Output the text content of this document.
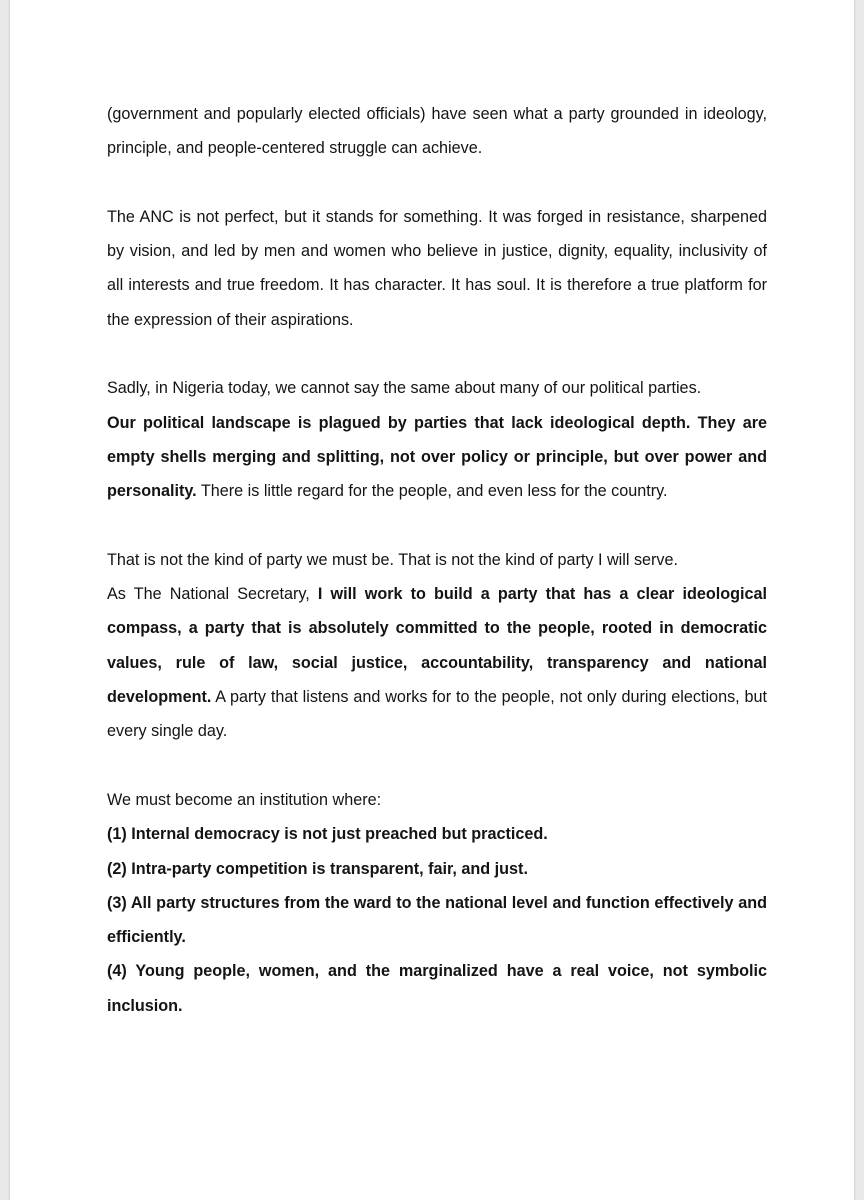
(government and popularly elected officials) have seen what a party grounded in ideology, principle, and people-centered struggle can achieve.

The ANC is not perfect, but it stands for something. It was forged in resistance, sharpened by vision, and led by men and women who believe in justice, dignity, equality, inclusivity of all interests and true freedom. It has character. It has soul. It is therefore a true platform for the expression of their aspirations.

Sadly, in Nigeria today, we cannot say the same about many of our political parties.
Our political landscape is plagued by parties that lack ideological depth. They are empty shells merging and splitting, not over policy or principle, but over power and personality. There is little regard for the people, and even less for the country.
That is not the kind of party we must be. That is not the kind of party I will serve.
As The National Secretary, I will work to build a party that has a clear ideological compass, a party that is absolutely committed to the people, rooted in democratic values, rule of law, social justice, accountability, transparency and national development. A party that listens and works for to the people, not only during elections, but every single day.
We must become an institution where:
(1) Internal democracy is not just preached but practiced.
(2) Intra-party competition is transparent, fair, and just.
(3) All party structures from the ward to the national level and function effectively and efficiently.
(4) Young people, women, and the marginalized have a real voice, not symbolic inclusion.
